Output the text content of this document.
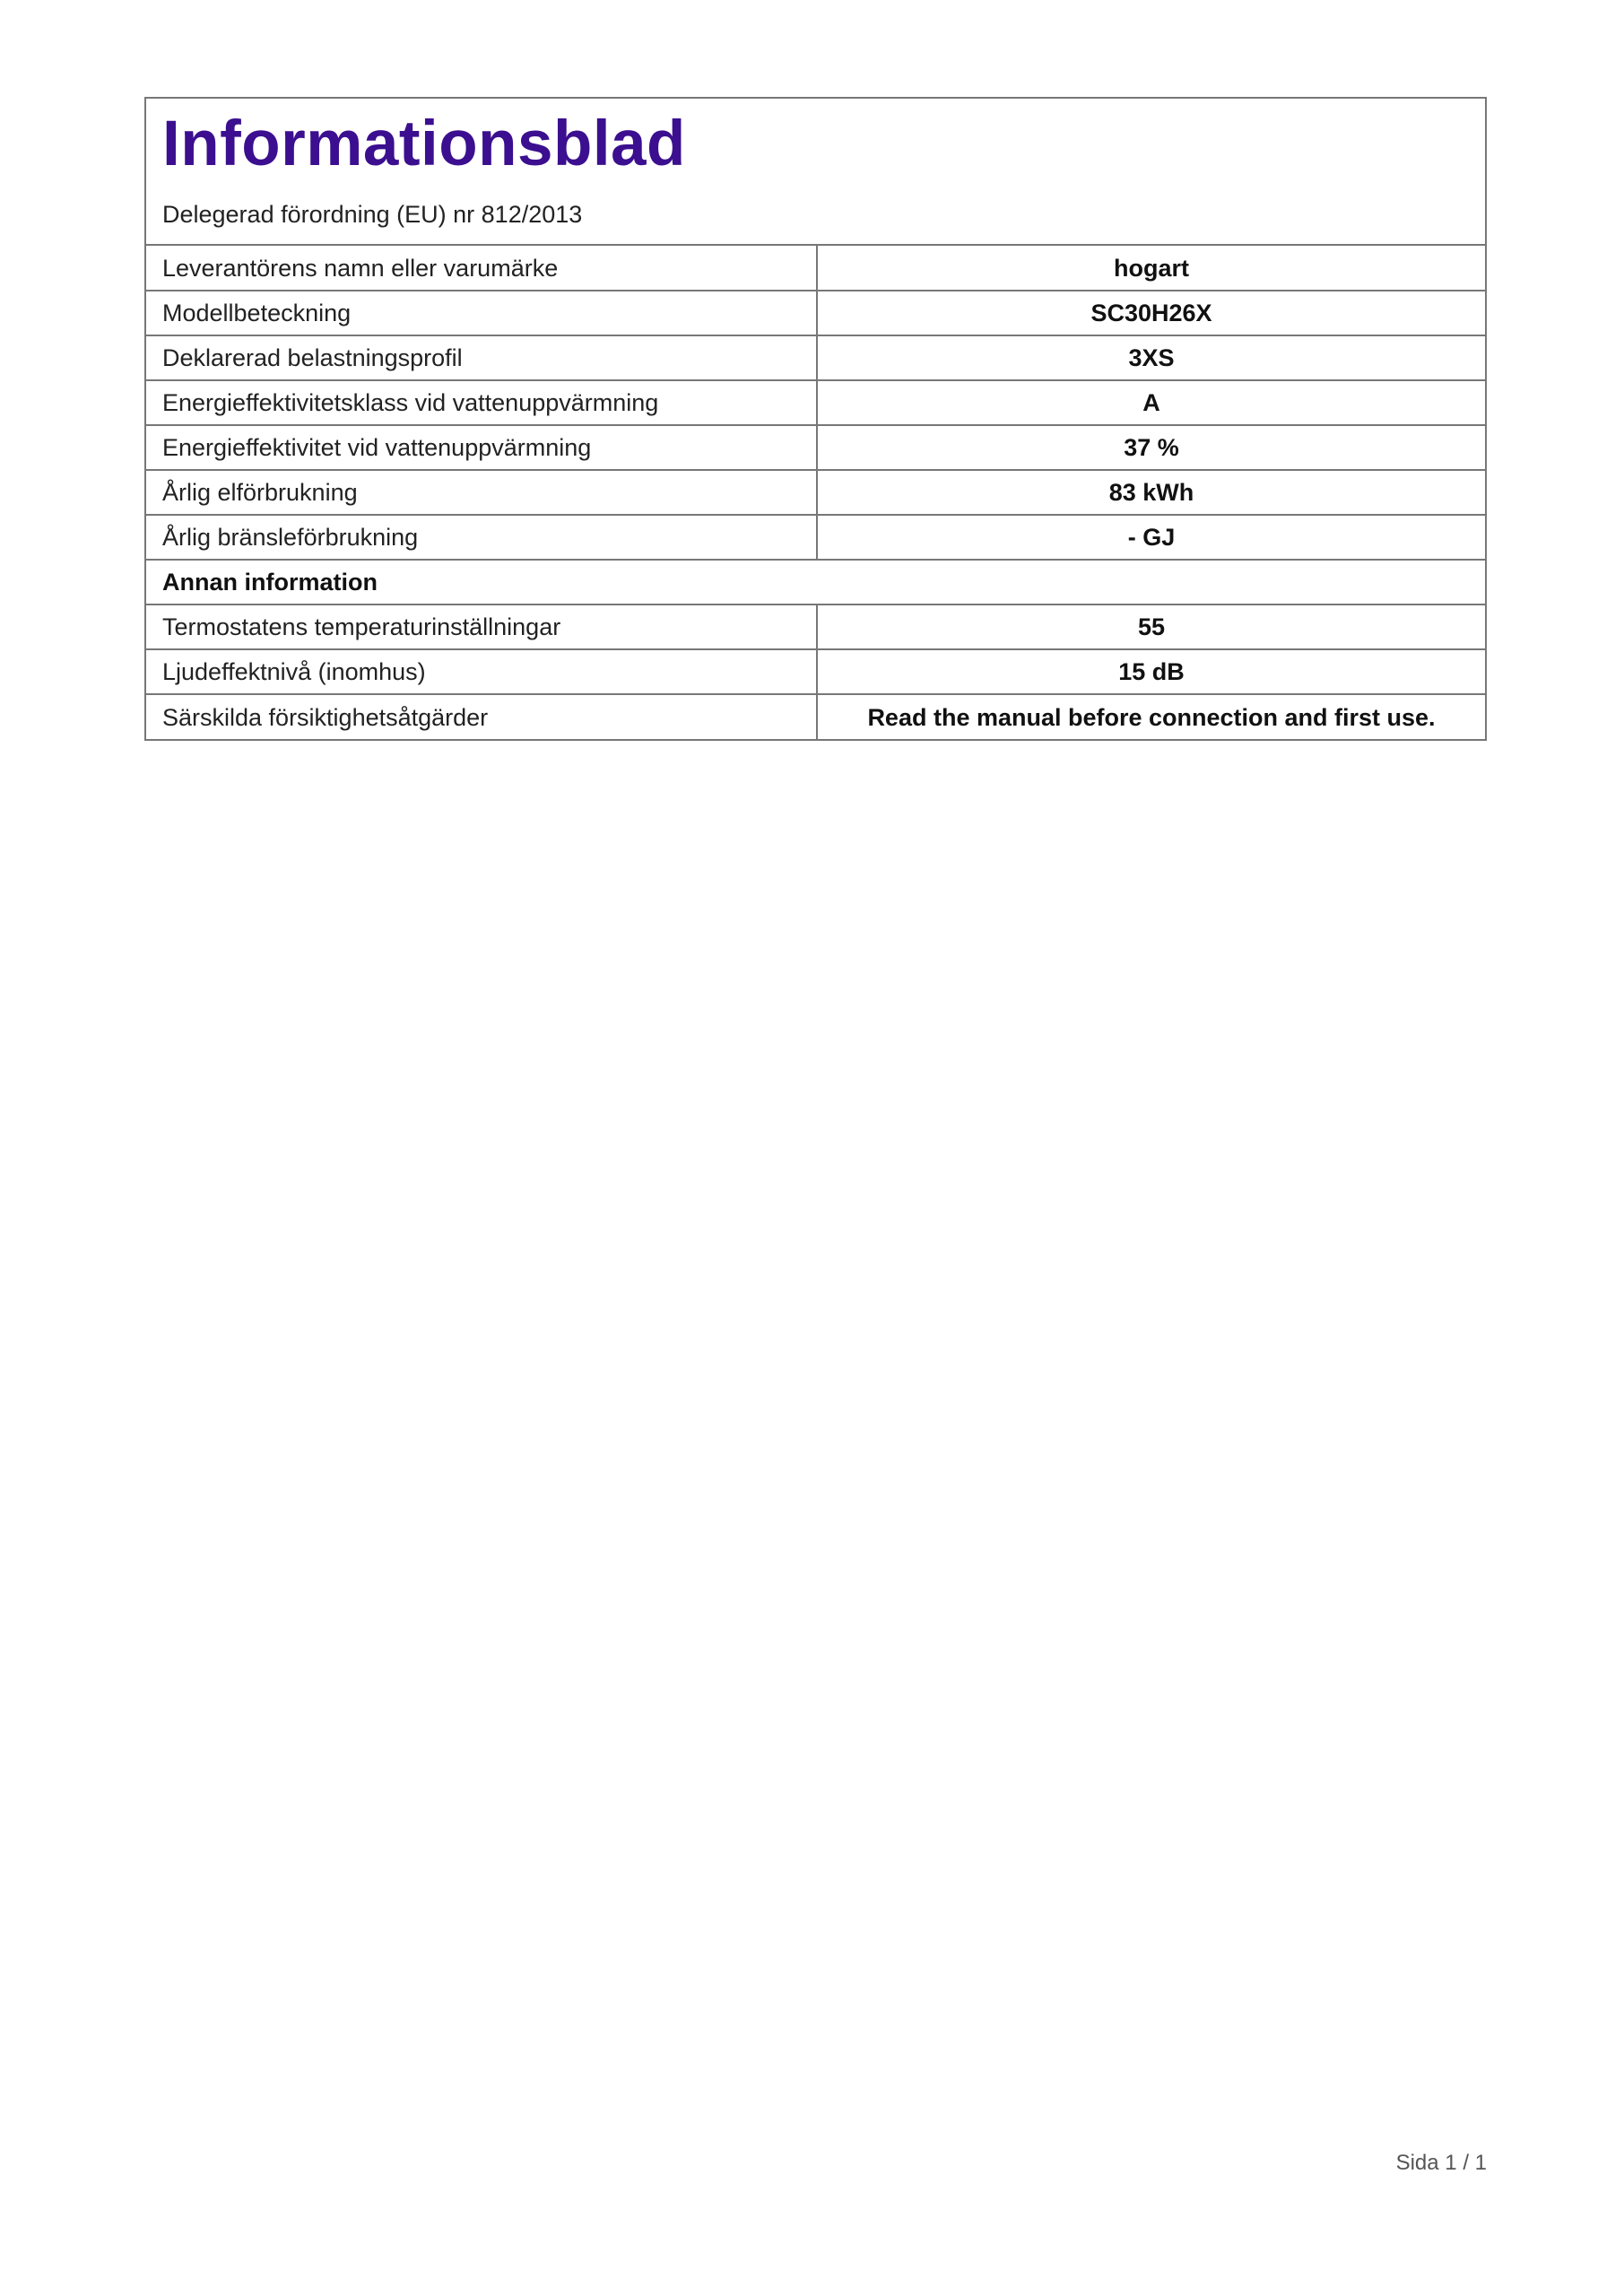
Informationsblad
Delegerad förordning (EU) nr 812/2013
Leverantörens namn eller varumärke	hogart
Modellbeteckning	SC30H26X
Deklarerad belastningsprofil	3XS
Energieffektivitetsklass vid vattenuppvärmning	A
Energieffektivitet vid vattenuppvärmning	37 %
Årlig elförbrukning	83 kWh
Årlig bränsleförbrukning	- GJ
Annan information	
Termostatens temperaturinställningar	55
Ljudeffektnivå (inomhus)	15 dB
Särskilda försiktighetsåtgärder	Read the manual before connection and first use.
Sida 1 / 1
